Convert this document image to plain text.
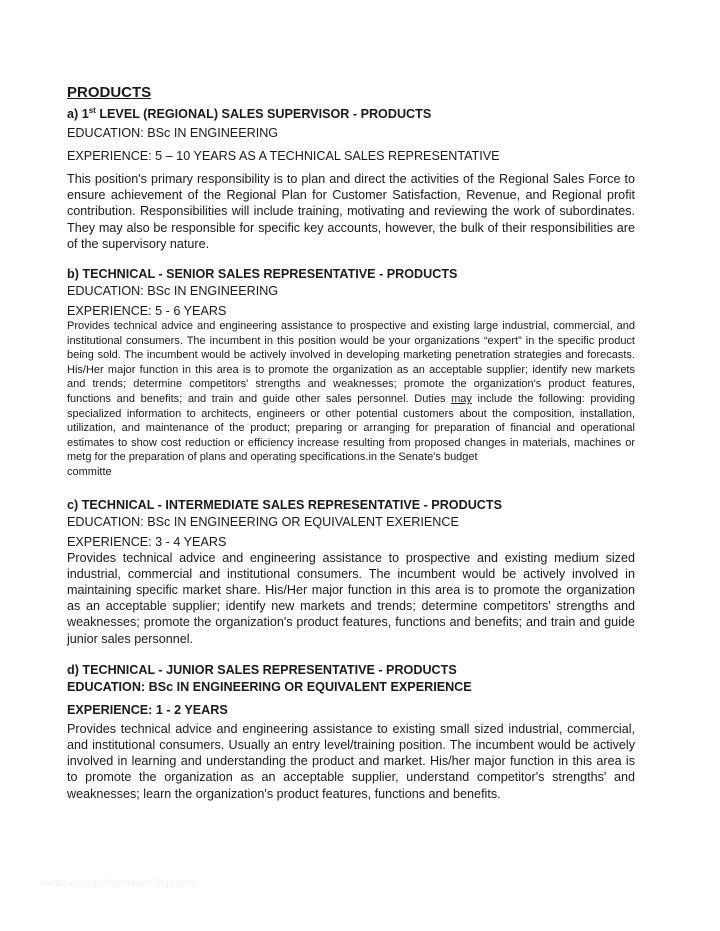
PRODUCTS

a) 1st LEVEL (REGIONAL) SALES SUPERVISOR - PRODUCTS

EDUCATION: BSc IN ENGINEERING

EXPERIENCE: 5 – 10 YEARS AS A TECHNICAL SALES REPRESENTATIVE

This position's primary responsibility is to plan and direct the activities of the Regional Sales Force to ensure achievement of the Regional Plan for Customer Satisfaction, Revenue, and Regional profit contribution. Responsibilities will include training, motivating and reviewing the work of subordinates. They may also be responsible for specific key accounts, however, the bulk of their responsibilities are of the supervisory nature.

b) TECHNICAL - SENIOR SALES REPRESENTATIVE - PRODUCTS

EDUCATION: BSc IN ENGINEERING

EXPERIENCE: 5 - 6 YEARS

Provides technical advice and engineering assistance to prospective and existing large industrial, commercial, and institutional consumers. The incumbent in this position would be your organizations “expert” in the specific product being sold. The incumbent would be actively involved in developing marketing penetration strategies and forecasts. His/Her major function in this area is to promote the organization as an acceptable supplier; identify new markets and trends; determine competitors' strengths and weaknesses; promote the organization's product features, functions and benefits; and train and guide other sales personnel. Duties may include the following: providing specialized information to architects, engineers or other potential customers about the composition, installation, utilization, and maintenance of the product; preparing or arranging for preparation of financial and operational estimates to show cost reduction or efficiency increase resulting from proposed changes in materials, machines or metg for the preparation of plans and operating specifications.in the Senate's budget

committe

c) TECHNICAL - INTERMEDIATE SALES REPRESENTATIVE - PRODUCTS

EDUCATION: BSc IN ENGINEERING OR EQUIVALENT EXERIENCE

EXPERIENCE: 3 - 4 YEARS

Provides technical advice and engineering assistance to prospective and existing medium sized industrial, commercial and institutional consumers. The incumbent would be actively involved in maintaining specific market share. His/Her major function in this area is to promote the organization as an acceptable supplier; identify new markets and trends; determine competitors' strengths and weaknesses; promote the organization's product features, functions and benefits; and train and guide junior sales personnel.

d) TECHNICAL - JUNIOR SALES REPRESENTATIVE - PRODUCTS

EDUCATION: BSc IN ENGINEERING OR EQUIVALENT EXPERIENCE

EXPERIENCE: 1 - 2 YEARS

Provides technical advice and engineering assistance to existing small sized industrial, commercial, and institutional consumers. Usually an entry level/training position. The incumbent would be actively involved in learning and understanding the product and market. His/her major function in this area is to promote the organization as an acceptable supplier, understand competitor's strengths' and weaknesses; learn the organization's product features, functions and benefits.

www.heritagechristiancollege.com
